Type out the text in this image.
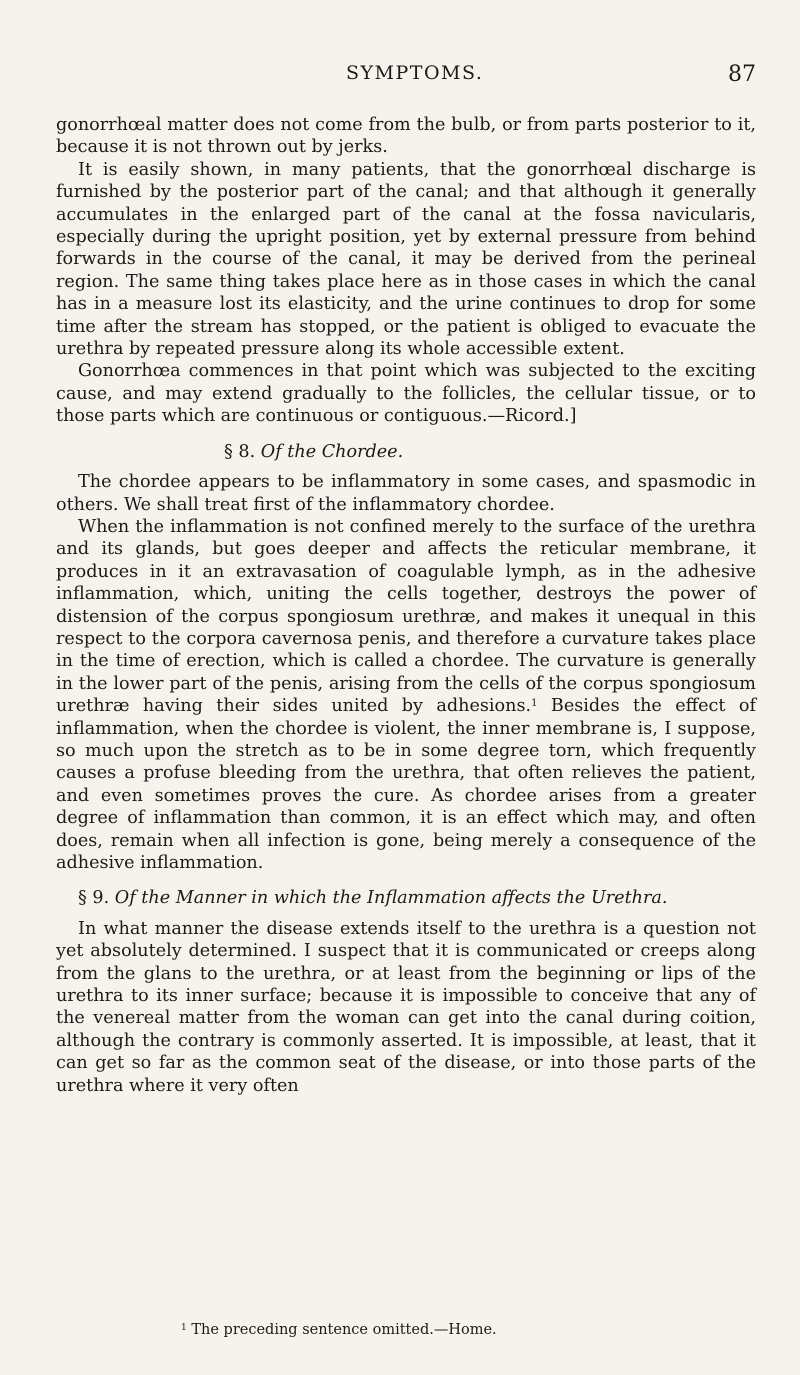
SYMPTOMS.	87

gonorrhœal matter does not come from the bulb, or from parts posterior to it, because it is not thrown out by jerks.

It is easily shown, in many patients, that the gonorrhœal discharge is furnished by the posterior part of the canal; and that although it generally accumulates in the enlarged part of the canal at the fossa navicularis, especially during the upright position, yet by external pressure from behind forwards in the course of the canal, it may be derived from the perineal region. The same thing takes place here as in those cases in which the canal has in a measure lost its elasticity, and the urine continues to drop for some time after the stream has stopped, or the patient is obliged to evacuate the urethra by repeated pressure along its whole accessible extent.

Gonorrhœa commences in that point which was subjected to the exciting cause, and may extend gradually to the follicles, the cellular tissue, or to those parts which are continuous or contiguous.—Ricord.]

§ 8. Of the Chordee.

The chordee appears to be inflammatory in some cases, and spasmodic in others. We shall treat first of the inflammatory chordee.

When the inflammation is not confined merely to the surface of the urethra and its glands, but goes deeper and affects the reticular membrane, it produces in it an extravasation of coagulable lymph, as in the adhesive inflammation, which, uniting the cells together, destroys the power of distension of the corpus spongiosum urethræ, and makes it unequal in this respect to the corpora cavernosa penis, and therefore a curvature takes place in the time of erection, which is called a chordee. The curvature is generally in the lower part of the penis, arising from the cells of the corpus spongiosum urethræ having their sides united by adhesions.$^1$ Besides the effect of inflammation, when the chordee is violent, the inner membrane is, I suppose, so much upon the stretch as to be in some degree torn, which frequently causes a profuse bleeding from the urethra, that often relieves the patient, and even sometimes proves the cure. As chordee arises from a greater degree of inflammation than common, it is an effect which may, and often does, remain when all infection is gone, being merely a consequence of the adhesive inflammation.

§ 9. Of the Manner in which the Inflammation affects the Urethra.

In what manner the disease extends itself to the urethra is a question not yet absolutely determined. I suspect that it is communicated or creeps along from the glans to the urethra, or at least from the beginning or lips of the urethra to its inner surface; because it is impossible to conceive that any of the venereal matter from the woman can get into the canal during coition, although the contrary is commonly asserted. It is impossible, at least, that it can get so far as the common seat of the disease, or into those parts of the urethra where it very often

$^1$ The preceding sentence omitted.—Home.
